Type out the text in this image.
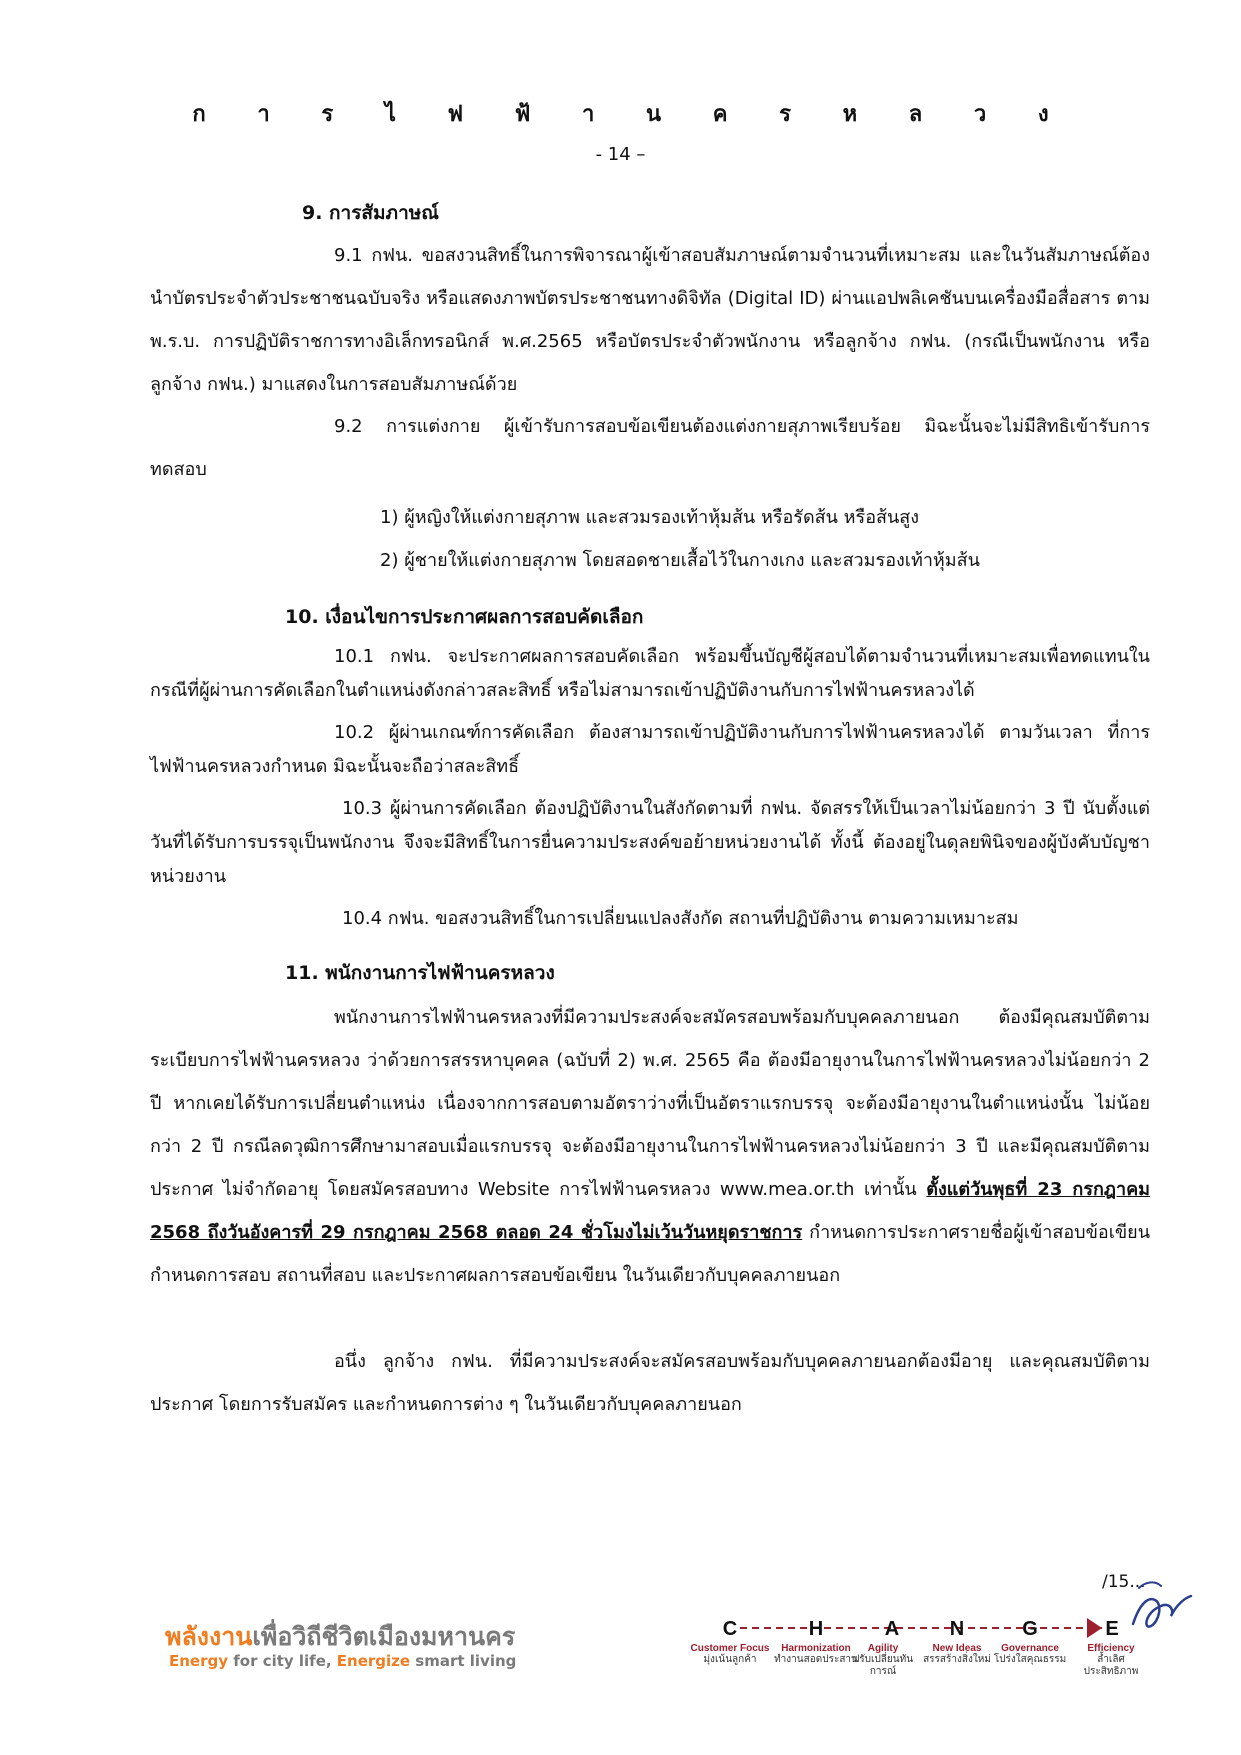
ก า ร ไ ฟ ฟ้ า น ค ร ห ล ว ง
- 14 –
9. การสัมภาษณ์
9.1 กฟน. ขอสงวนสิทธิ์ในการพิจารณาผู้เข้าสอบสัมภาษณ์ตามจำนวนที่เหมาะสม และในวันสัมภาษณ์ต้องนำบัตรประจำตัวประชาชนฉบับจริง หรือแสดงภาพบัตรประชาชนทางดิจิทัล (Digital ID) ผ่านแอปพลิเคชันบนเครื่องมือสื่อสาร ตาม พ.ร.บ. การปฏิบัติราชการทางอิเล็กทรอนิกส์ พ.ศ.2565 หรือบัตรประจำตัวพนักงาน หรือลูกจ้าง กฟน. (กรณีเป็นพนักงาน หรือลูกจ้าง กฟน.) มาแสดงในการสอบสัมภาษณ์ด้วย
9.2 การแต่งกาย ผู้เข้ารับการสอบข้อเขียนต้องแต่งกายสุภาพเรียบร้อย มิฉะนั้นจะไม่มีสิทธิเข้ารับการทดสอบ
1) ผู้หญิงให้แต่งกายสุภาพ และสวมรองเท้าหุ้มส้น หรือรัดส้น หรือส้นสูง
2) ผู้ชายให้แต่งกายสุภาพ โดยสอดชายเสื้อไว้ในกางเกง และสวมรองเท้าหุ้มส้น
10. เงื่อนไขการประกาศผลการสอบคัดเลือก
10.1 กฟน. จะประกาศผลการสอบคัดเลือก พร้อมขึ้นบัญชีผู้สอบได้ตามจำนวนที่เหมาะสมเพื่อทดแทนในกรณีที่ผู้ผ่านการคัดเลือกในตำแหน่งดังกล่าวสละสิทธิ์ หรือไม่สามารถเข้าปฏิบัติงานกับการไฟฟ้านครหลวงได้
10.2 ผู้ผ่านเกณฑ์การคัดเลือก ต้องสามารถเข้าปฏิบัติงานกับการไฟฟ้านครหลวงได้ ตามวันเวลา ที่การไฟฟ้านครหลวงกำหนด มิฉะนั้นจะถือว่าสละสิทธิ์
10.3 ผู้ผ่านการคัดเลือก ต้องปฏิบัติงานในสังกัดตามที่ กฟน. จัดสรรให้เป็นเวลาไม่น้อยกว่า 3 ปี นับตั้งแต่วันที่ได้รับการบรรจุเป็นพนักงาน จึงจะมีสิทธิ์ในการยื่นความประสงค์ขอย้ายหน่วยงานได้ ทั้งนี้ ต้องอยู่ในดุลยพินิจของผู้บังคับบัญชาหน่วยงาน
10.4 กฟน. ขอสงวนสิทธิ์ในการเปลี่ยนแปลงสังกัด สถานที่ปฏิบัติงาน ตามความเหมาะสม
11. พนักงานการไฟฟ้านครหลวง
พนักงานการไฟฟ้านครหลวงที่มีความประสงค์จะสมัครสอบพร้อมกับบุคคลภายนอก ต้องมีคุณสมบัติตามระเบียบการไฟฟ้านครหลวง ว่าด้วยการสรรหาบุคคล (ฉบับที่ 2) พ.ศ. 2565 คือ ต้องมีอายุงานในการไฟฟ้านครหลวงไม่น้อยกว่า 2 ปี หากเคยได้รับการเปลี่ยนตำแหน่ง เนื่องจากการสอบตามอัตราว่างที่เป็นอัตราแรกบรรจุ จะต้องมีอายุงานในตำแหน่งนั้น ไม่น้อยกว่า 2 ปี กรณีลดวุฒิการศึกษามาสอบเมื่อแรกบรรจุ จะต้องมีอายุงานในการไฟฟ้านครหลวงไม่น้อยกว่า 3 ปี และมีคุณสมบัติตามประกาศ ไม่จำกัดอายุ โดยสมัครสอบทาง Website การไฟฟ้านครหลวง www.mea.or.th เท่านั้น ตั้งแต่วันพุธที่ 23 กรกฎาคม 2568 ถึงวันอังคารที่ 29 กรกฎาคม 2568 ตลอด 24 ชั่วโมงไม่เว้นวันหยุดราชการ กำหนดการประกาศรายชื่อผู้เข้าสอบข้อเขียน กำหนดการสอบ สถานที่สอบ และประกาศผลการสอบข้อเขียน ในวันเดียวกับบุคคลภายนอก
อนึ่ง ลูกจ้าง กฟน. ที่มีความประสงค์จะสมัครสอบพร้อมกับบุคคลภายนอกต้องมีอายุ และคุณสมบัติตามประกาศ โดยการรับสมัคร และกำหนดการต่าง ๆ ในวันเดียวกับบุคคลภายนอก
/15...
พลังงานเพื่อวิถีชีวิตเมืองมหานคร
Energy for city life, Energize smart living
C	H	A	N	G	E
Customer Focus
มุ่งเน้นลูกค้า
Harmonization
ทำงานสอดประสาน
Agility
ปรับเปลี่ยนทันการณ์
New Ideas
สรรสร้างสิ่งใหม่
Governance
โปร่งใสคุณธรรม
Efficiency
ล้ำเลิศประสิทธิภาพ
